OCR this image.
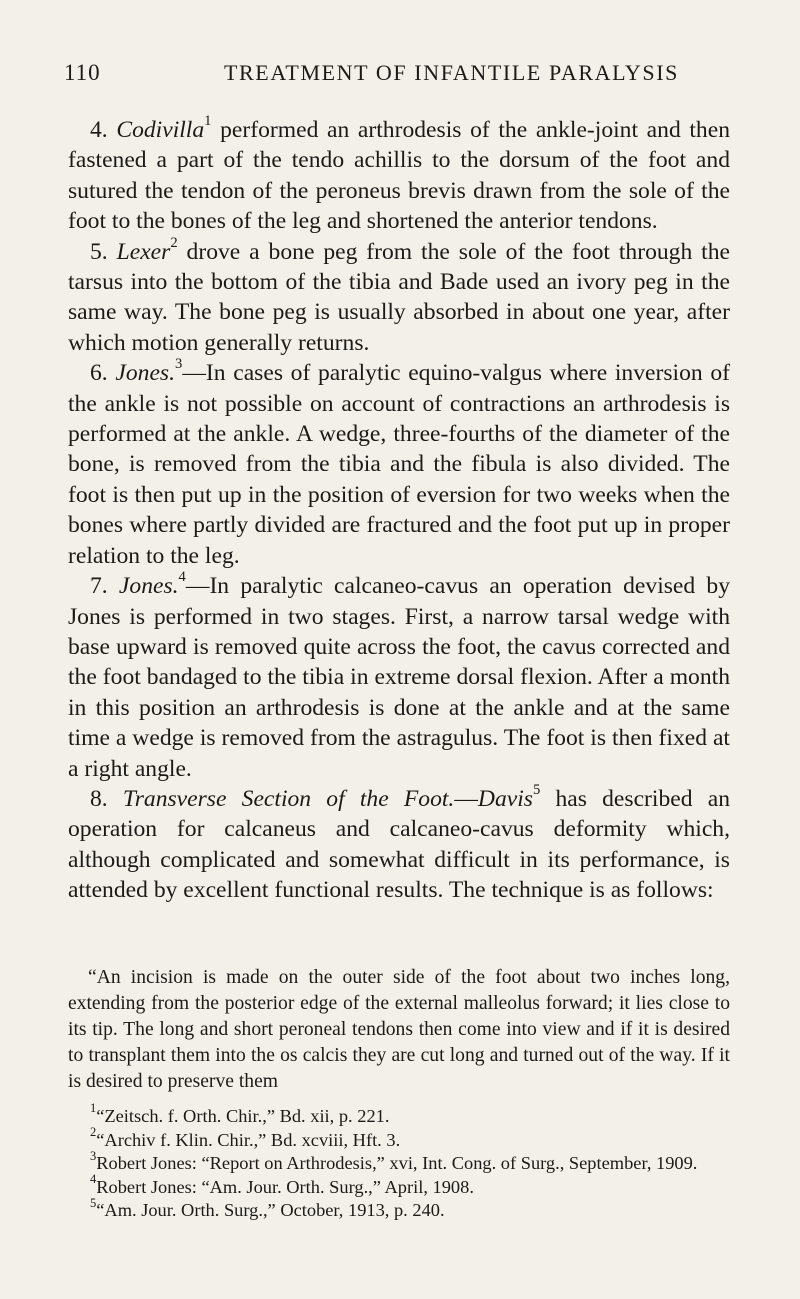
110	TREATMENT OF INFANTILE PARALYSIS

4. Codivilla$^1$ performed an arthrodesis of the ankle-joint and then fastened a part of the tendo achillis to the dorsum of the foot and sutured the tendon of the peroneus brevis drawn from the sole of the foot to the bones of the leg and shortened the anterior tendons.

5. Lexer$^2$ drove a bone peg from the sole of the foot through the tarsus into the bottom of the tibia and Bade used an ivory peg in the same way. The bone peg is usually absorbed in about one year, after which motion generally returns.

6. Jones.$^3$—In cases of paralytic equino-valgus where inversion of the ankle is not possible on account of contractions an arthrodesis is performed at the ankle. A wedge, three-fourths of the diameter of the bone, is removed from the tibia and the fibula is also divided. The foot is then put up in the position of eversion for two weeks when the bones where partly divided are fractured and the foot put up in proper relation to the leg.

7. Jones.$^4$—In paralytic calcaneo-cavus an operation devised by Jones is performed in two stages. First, a narrow tarsal wedge with base upward is removed quite across the foot, the cavus corrected and the foot bandaged to the tibia in extreme dorsal flexion. After a month in this position an arthrodesis is done at the ankle and at the same time a wedge is removed from the astragulus. The foot is then fixed at a right angle.

8. Transverse Section of the Foot.—Davis$^5$ has described an operation for calcaneus and calcaneo-cavus deformity which, although complicated and somewhat difficult in its performance, is attended by excellent functional results. The technique is as follows:

“An incision is made on the outer side of the foot about two inches long, extending from the posterior edge of the external malleolus forward; it lies close to its tip. The long and short peroneal tendons then come into view and if it is desired to transplant them into the os calcis they are cut long and turned out of the way. If it is desired to preserve them

$^1$“Zeitsch. f. Orth. Chir.,” Bd. xii, p. 221.

$^2$“Archiv f. Klin. Chir.,” Bd. xcviii, Hft. 3.

$^3$Robert Jones: “Report on Arthrodesis,” xvi, Int. Cong. of Surg., September, 1909.

$^4$Robert Jones: “Am. Jour. Orth. Surg.,” April, 1908.

$^5$“Am. Jour. Orth. Surg.,” October, 1913, p. 240.
